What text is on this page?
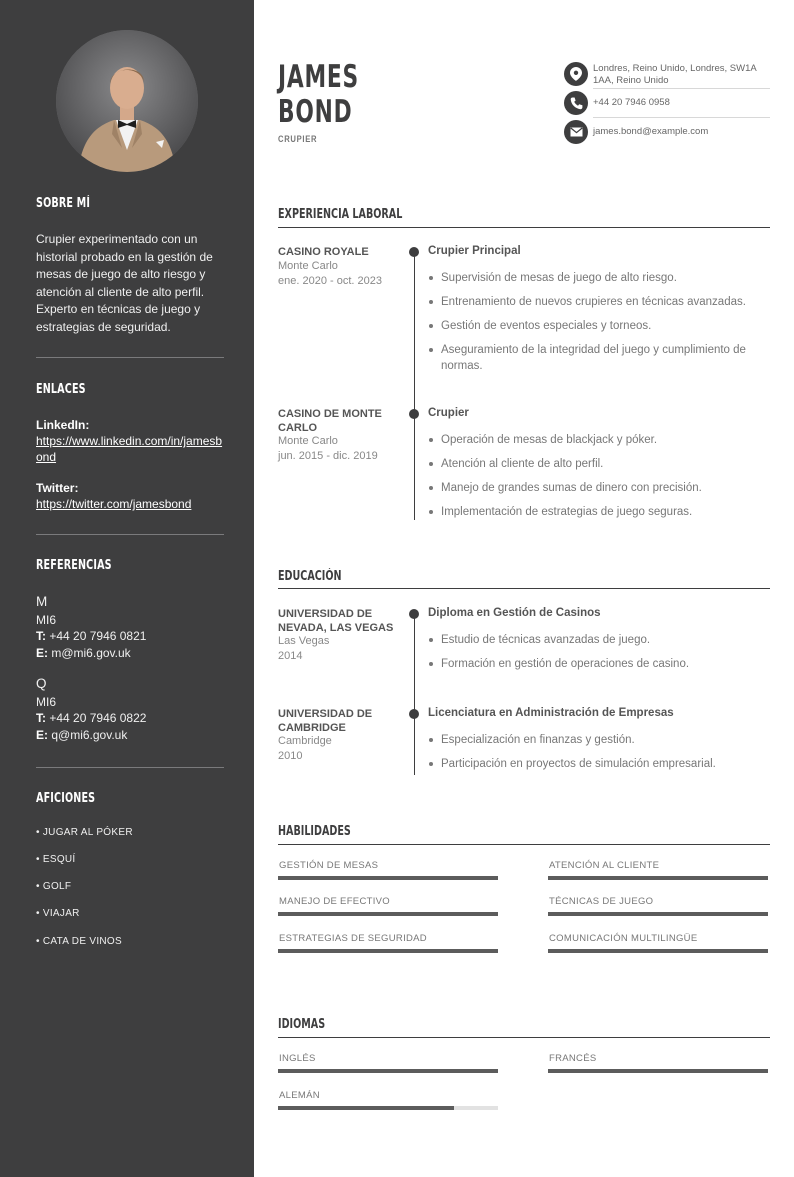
SOBRE MÍ
Crupier experimentado con un historial probado en la gestión de mesas de juego de alto riesgo y atención al cliente de alto perfil. Experto en técnicas de juego y estrategias de seguridad.
ENLACES
LinkedIn:
https://www.linkedin.com/in/jamesbond
Twitter:
https://twitter.com/jamesbond
REFERENCIAS
M
MI6
T: +44 20 7946 0821
E: m@mi6.gov.uk
Q
MI6
T: +44 20 7946 0822
E: q@mi6.gov.uk
AFICIONES
• JUGAR AL PÓKER
• ESQUÍ
• GOLF
• VIAJAR
• CATA DE VINOS
JAMES
BOND
CRUPIER
Londres, Reino Unido, Londres, SW1A 1AA, Reino Unido
+44 20 7946 0958
james.bond@example.com
EXPERIENCIA LABORAL
CASINO ROYALE
Monte Carlo
ene. 2020 - oct. 2023
Crupier Principal
Supervisión de mesas de juego de alto riesgo.
Entrenamiento de nuevos crupieres en técnicas avanzadas.
Gestión de eventos especiales y torneos.
Aseguramiento de la integridad del juego y cumplimiento de normas.
CASINO DE MONTE CARLO
Monte Carlo
jun. 2015 - dic. 2019
Crupier
Operación de mesas de blackjack y póker.
Atención al cliente de alto perfil.
Manejo de grandes sumas de dinero con precisión.
Implementación de estrategias de juego seguras.
EDUCACIÓN
UNIVERSIDAD DE NEVADA, LAS VEGAS
Las Vegas
2014
Diploma en Gestión de Casinos
Estudio de técnicas avanzadas de juego.
Formación en gestión de operaciones de casino.
UNIVERSIDAD DE CAMBRIDGE
Cambridge
2010
Licenciatura en Administración de Empresas
Especialización en finanzas y gestión.
Participación en proyectos de simulación empresarial.
HABILIDADES
GESTIÓN DE MESAS	ATENCIÓN AL CLIENTE
MANEJO DE EFECTIVO	TÉCNICAS DE JUEGO
ESTRATEGIAS DE SEGURIDAD	COMUNICACIÓN MULTILINGÜE
IDIOMAS
INGLÉS	FRANCÉS
ALEMÁN
